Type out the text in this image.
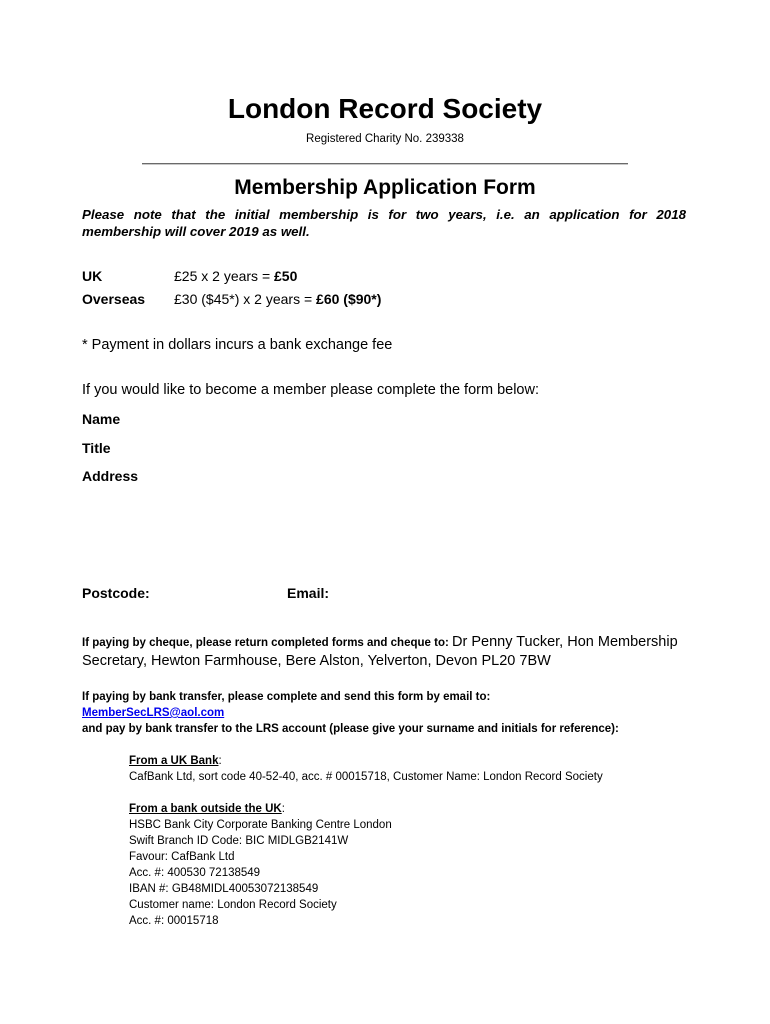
London Record Society
Registered Charity No. 239338
Membership Application Form
Please note that the initial membership is for two years, i.e. an application for 2018 membership will cover 2019 as well.
UK	£25 x 2 years = £50
Overseas £30 ($45*) x 2 years = £60 ($90*)
* Payment in dollars incurs a bank exchange fee
If you would like to become a member please complete the form below:
Name
Title
Address
Postcode:	Email:
If paying by cheque, please return completed forms and cheque to: Dr Penny Tucker, Hon Membership Secretary, Hewton Farmhouse, Bere Alston, Yelverton, Devon PL20 7BW
If paying by bank transfer, please complete and send this form by email to:
MemberSecLRS@aol.com
and pay by bank transfer to the LRS account (please give your surname and initials for reference):
From a UK Bank:
CafBank Ltd, sort code 40-52-40, acc. # 00015718, Customer Name: London Record Society
From a bank outside the UK:
HSBC Bank City Corporate Banking Centre London
Swift Branch ID Code: BIC MIDLGB2141W
Favour: CafBank Ltd
Acc. #: 400530 72138549
IBAN #: GB48MIDL40053072138549
Customer name: London Record Society
Acc. #: 00015718
